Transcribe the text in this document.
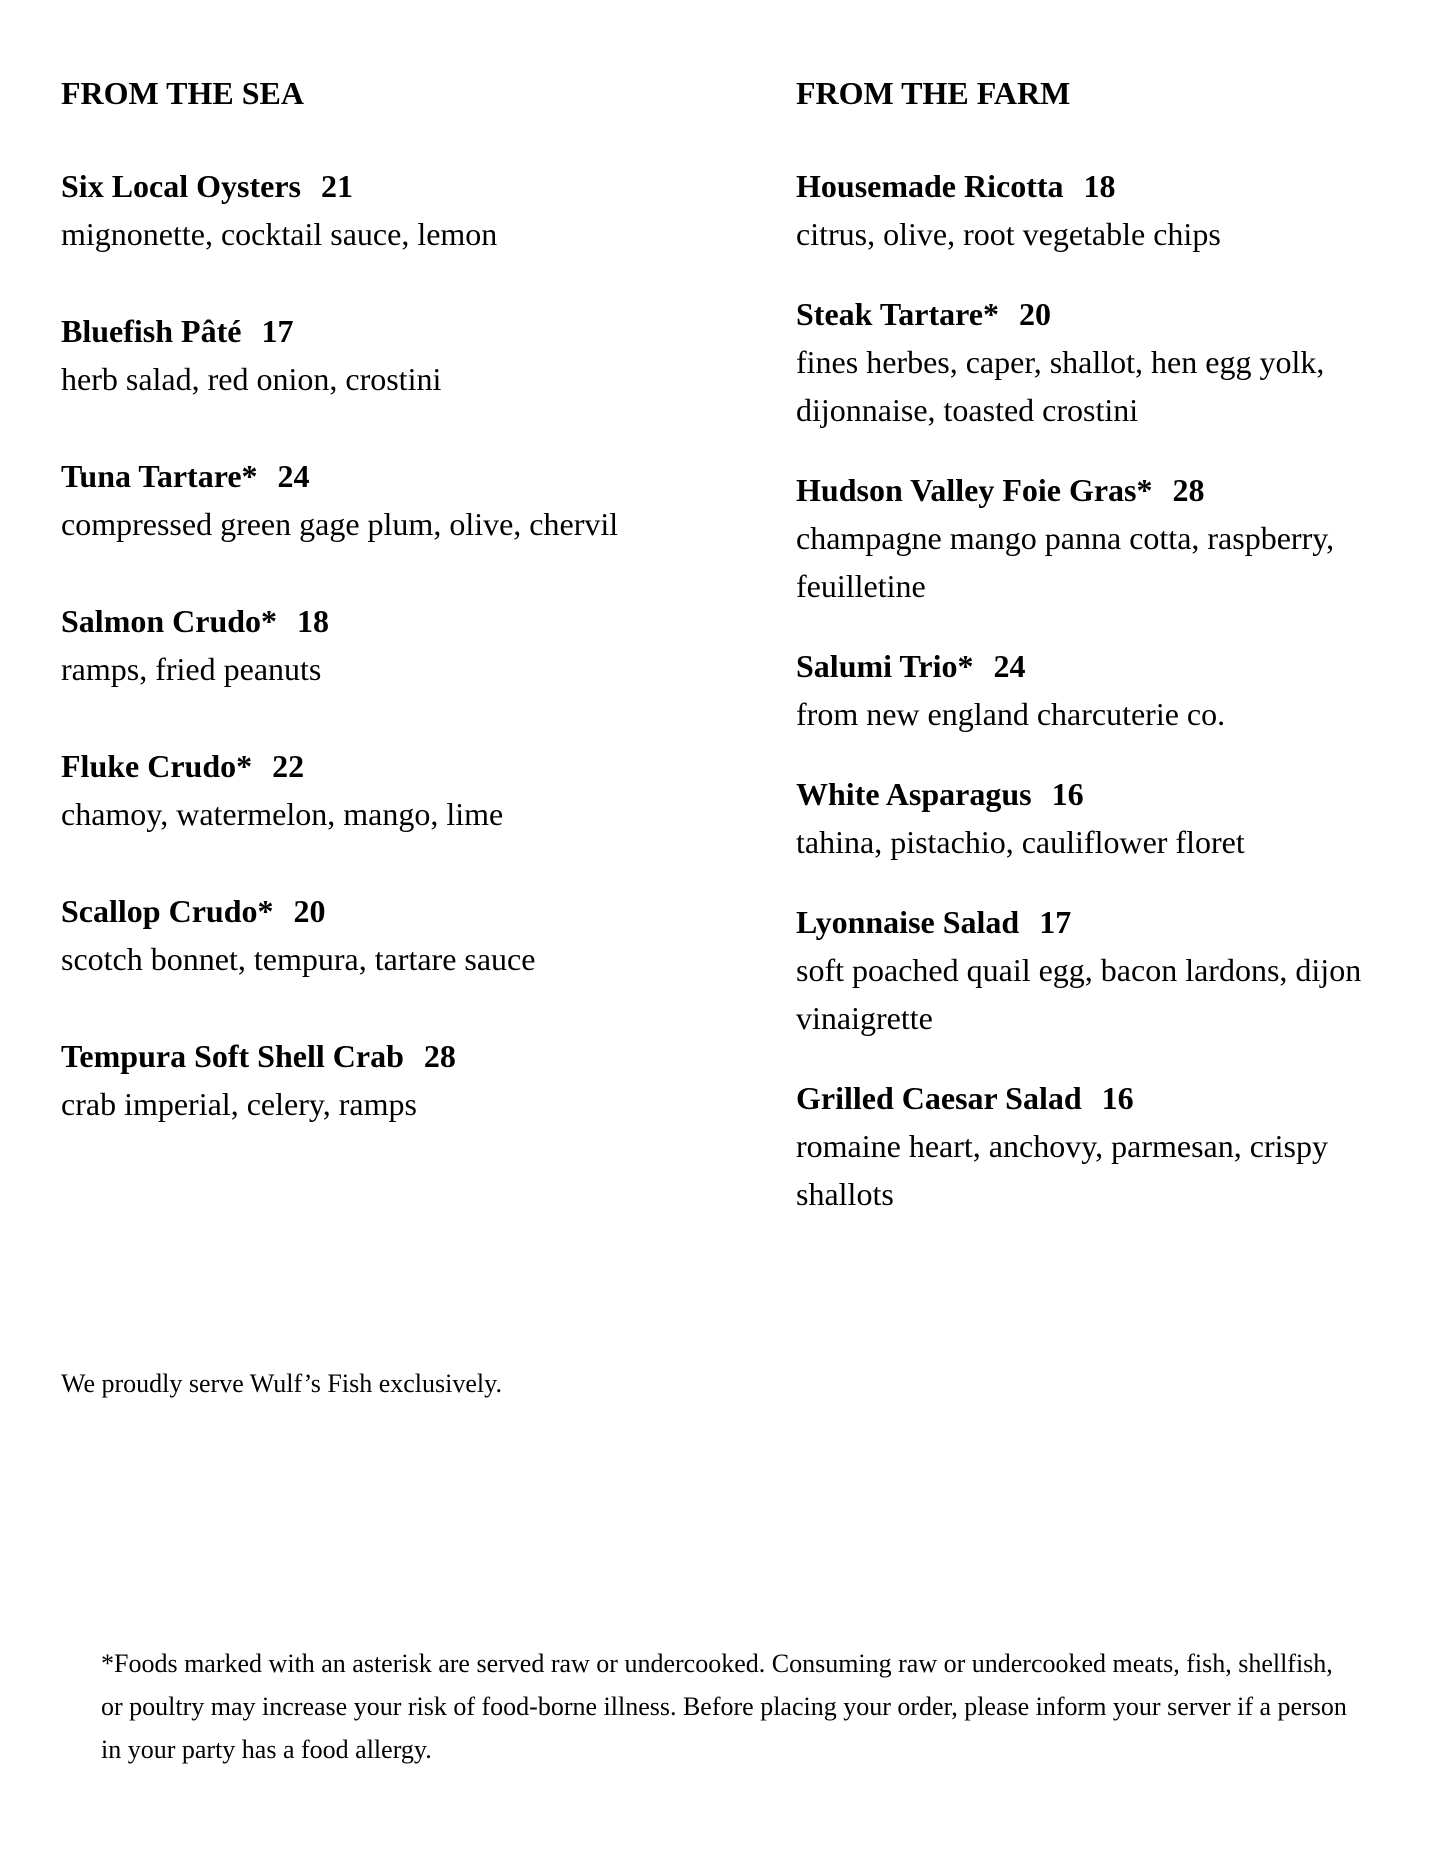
FROM THE SEA
Six Local Oysters 21
mignonette, cocktail sauce, lemon
Bluefish Pâté 17
herb salad, red onion, crostini
Tuna Tartare* 24
compressed green gage plum, olive, chervil
Salmon Crudo* 18
ramps, fried peanuts
Fluke Crudo* 22
chamoy, watermelon, mango, lime
Scallop Crudo* 20
scotch bonnet, tempura, tartare sauce
Tempura Soft Shell Crab 28
crab imperial, celery, ramps
FROM THE FARM
Housemade Ricotta 18
citrus, olive, root vegetable chips
Steak Tartare* 20
fines herbes, caper, shallot, hen egg yolk, dijonnaise, toasted crostini
Hudson Valley Foie Gras* 28
champagne mango panna cotta, raspberry, feuilletine
Salumi Trio* 24
from new england charcuterie co.
White Asparagus 16
tahina, pistachio, cauliflower floret
Lyonnaise Salad 17
soft poached quail egg, bacon lardons, dijon vinaigrette
Grilled Caesar Salad 16
romaine heart, anchovy, parmesan, crispy shallots

We proudly serve Wulf’s Fish exclusively.

*Foods marked with an asterisk are served raw or undercooked. Consuming raw or undercooked meats, fish, shellfish, or poultry may increase your risk of food-borne illness. Before placing your order, please inform your server if a person in your party has a food allergy.
